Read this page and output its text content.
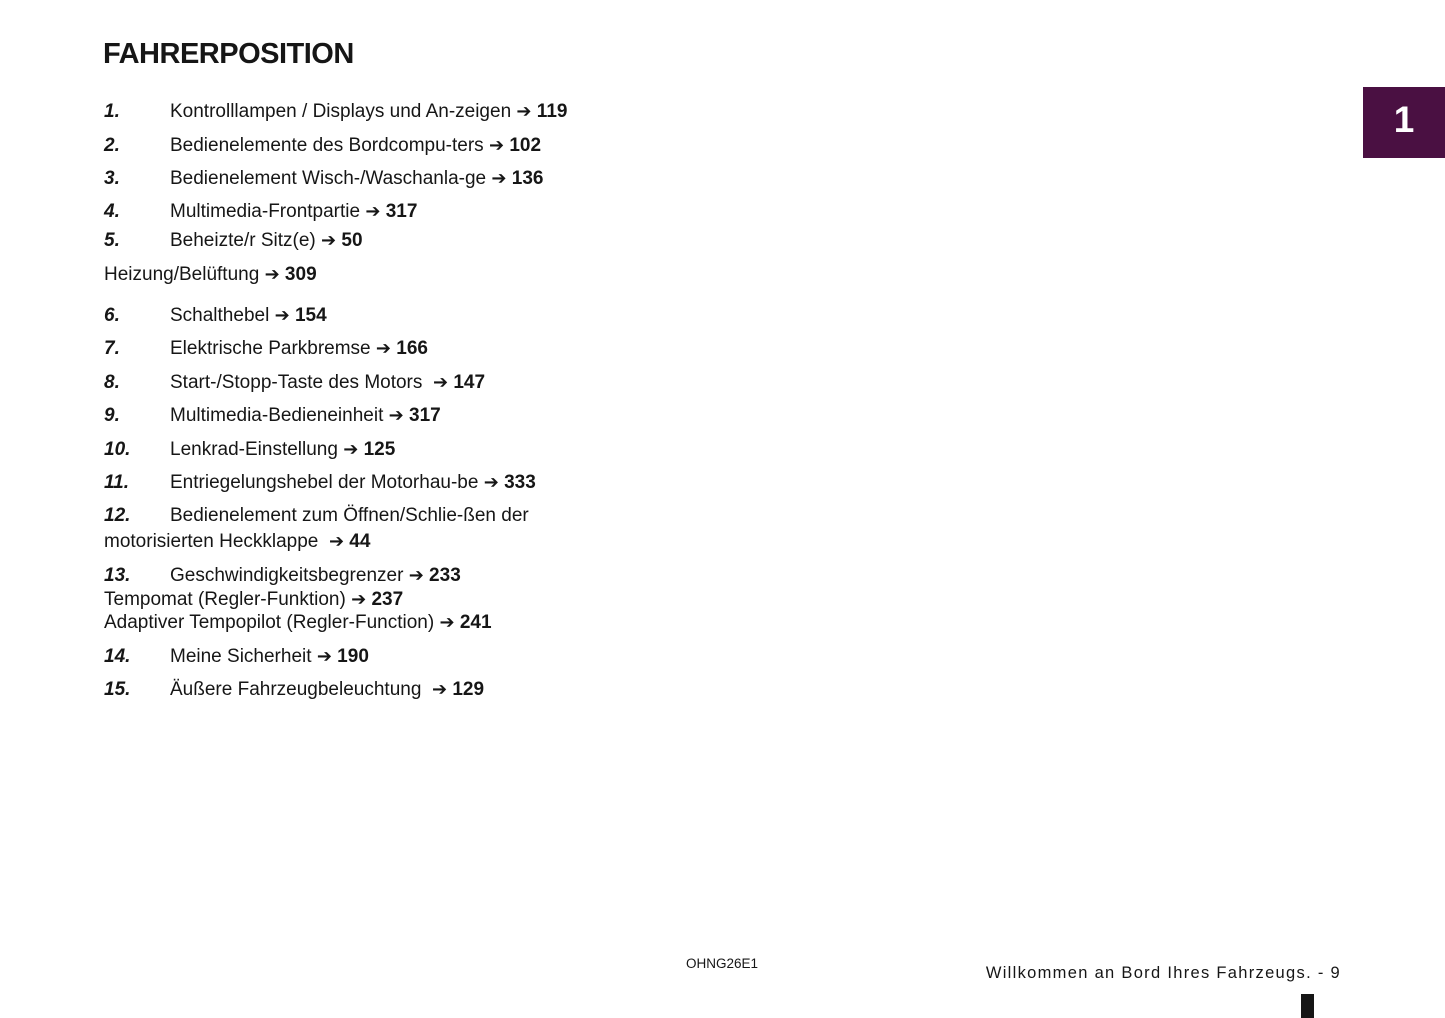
FAHRERPOSITION
1
1.	Kontrolllampen / Displays und An-zeigen ➔ 119
2.	Bedienelemente des Bordcompu-ters ➔ 102
3.	Bedienelement Wisch-/Waschanla-ge ➔ 136
4.	Multimedia-Frontpartie ➔ 317
5.	Beheizte/r Sitz(e) ➔ 50
Heizung/Belüftung ➔ 309
6.	Schalthebel ➔ 154
7.	Elektrische Parkbremse ➔ 166
8.	Start-/Stopp-Taste des Motors ➔ 147
9.	Multimedia-Bedieneinheit ➔ 317
10. Lenkrad-Einstellung ➔ 125
11. Entriegelungshebel der Motorhau-be ➔ 333
12. Bedienelement zum Öffnen/Schlie-ßen der
motorisierten Heckklappe ➔ 44
13. Geschwindigkeitsbegrenzer ➔ 233
Tempomat (Regler-Funktion) ➔ 237
Adaptiver Tempopilot (Regler-Function) ➔ 241
14. Meine Sicherheit ➔ 190
15. Äußere Fahrzeugbeleuchtung ➔ 129
OHNG26E1
Willkommen an Bord Ihres Fahrzeugs. - 9
